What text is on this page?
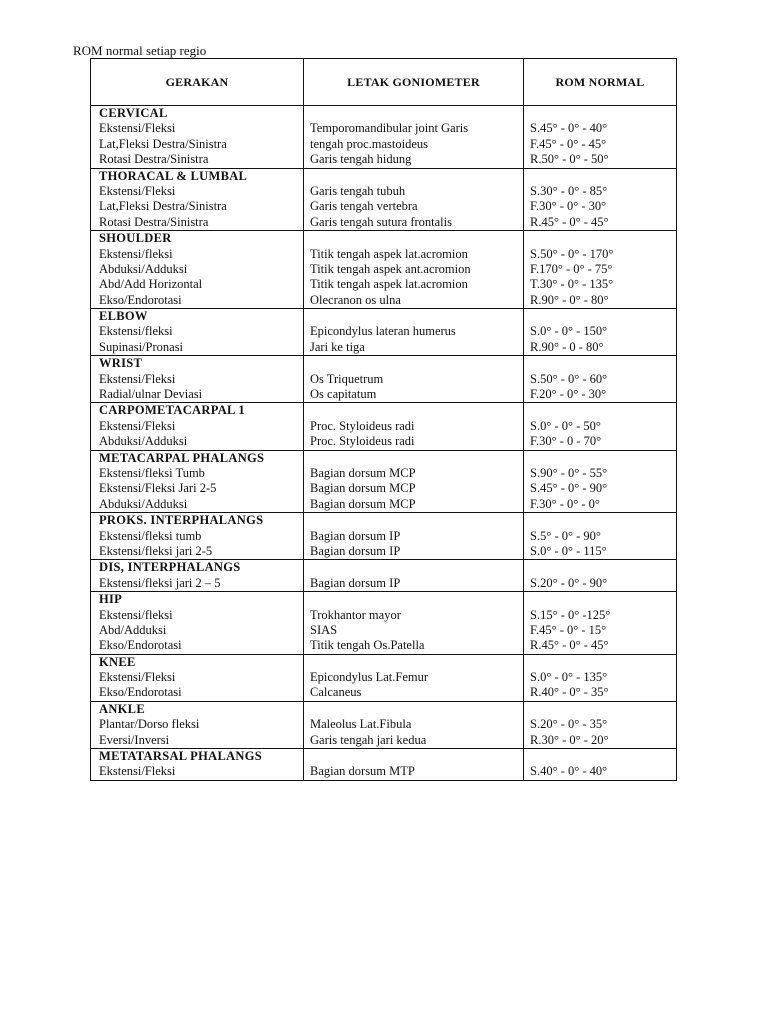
ROM normal setiap regio
GERAKAN	LETAK GONIOMETER	ROM NORMAL
CERVICAL
Ekstensi/Fleksi	Temporomandibular joint Garis	S.45° - 0° - 40°
Lat,Fleksi Destra/Sinistra	tengah proc.mastoideus	F.45° - 0° - 45°
Rotasi Destra/Sinistra	Garis tengah hidung	R.50° - 0° - 50°
THORACAL & LUMBAL
Ekstensi/Fleksi	Garis tengah tubuh	S.30° - 0° - 85°
Lat,Fleksi Destra/Sinistra	Garis tengah vertebra	F.30° - 0° - 30°
Rotasi Destra/Sinistra	Garis tengah sutura frontalis	R.45° - 0° - 45°
SHOULDER
Ekstensi/fleksi	Titik tengah aspek lat.acromion	S.50° - 0° - 170°
Abduksi/Adduksi	Titik tengah aspek ant.acromion	F.170° - 0° - 75°
Abd/Add Horizontal	Titik tengah aspek lat.acromion	T.30° - 0° - 135°
Ekso/Endorotasi	Olecranon os ulna	R.90° - 0° - 80°
ELBOW
Ekstensi/fleksi	Epicondylus lateran humerus	S.0° - 0° - 150°
Supinasi/Pronasi	Jari ke tiga	R.90° - 0 - 80°
WRIST
Ekstensi/Fleksi	Os Triquetrum	S.50° - 0° - 60°
Radial/ulnar Deviasi	Os capitatum	F.20° - 0° - 30°
CARPOMETACARPAL 1
Ekstensi/Fleksi	Proc. Styloideus radi	S.0° - 0° - 50°
Abduksi/Adduksi	Proc. Styloideus radi	F.30° - 0 - 70°
METACARPAL PHALANGS
Ekstensi/fleksi Tumb	Bagian dorsum MCP	S.90° - 0° - 55°
Ekstensi/Fleksi Jari 2-5	Bagian dorsum MCP	S.45° - 0° - 90°
Abduksi/Adduksi	Bagian dorsum MCP	F.30° - 0° - 0°
PROKS. INTERPHALANGS
Ekstensi/fleksi tumb	Bagian dorsum IP	S.5° - 0° - 90°
Ekstensi/fleksi jari 2-5	Bagian dorsum IP	S.0° - 0° - 115°
DIS, INTERPHALANGS
Ekstensi/fleksi jari 2 – 5	Bagian dorsum IP	S.20° - 0° - 90°
HIP
Ekstensi/fleksi	Trokhantor mayor	S.15° - 0° -125°
Abd/Adduksi	SIAS	F.45° - 0° - 15°
Ekso/Endorotasi	Titik tengah Os.Patella	R.45° - 0° - 45°
KNEE
Ekstensi/Fleksi	Epicondylus Lat.Femur	S.0° - 0° - 135°
Ekso/Endorotasi	Calcaneus	R.40° - 0° - 35°
ANKLE
Plantar/Dorso fleksi	Maleolus Lat.Fibula	S.20° - 0° - 35°
Eversi/Inversi	Garis tengah jari kedua	R.30° - 0° - 20°
METATARSAL PHALANGS
Ekstensi/Fleksi	Bagian dorsum MTP	S.40° - 0° - 40°
